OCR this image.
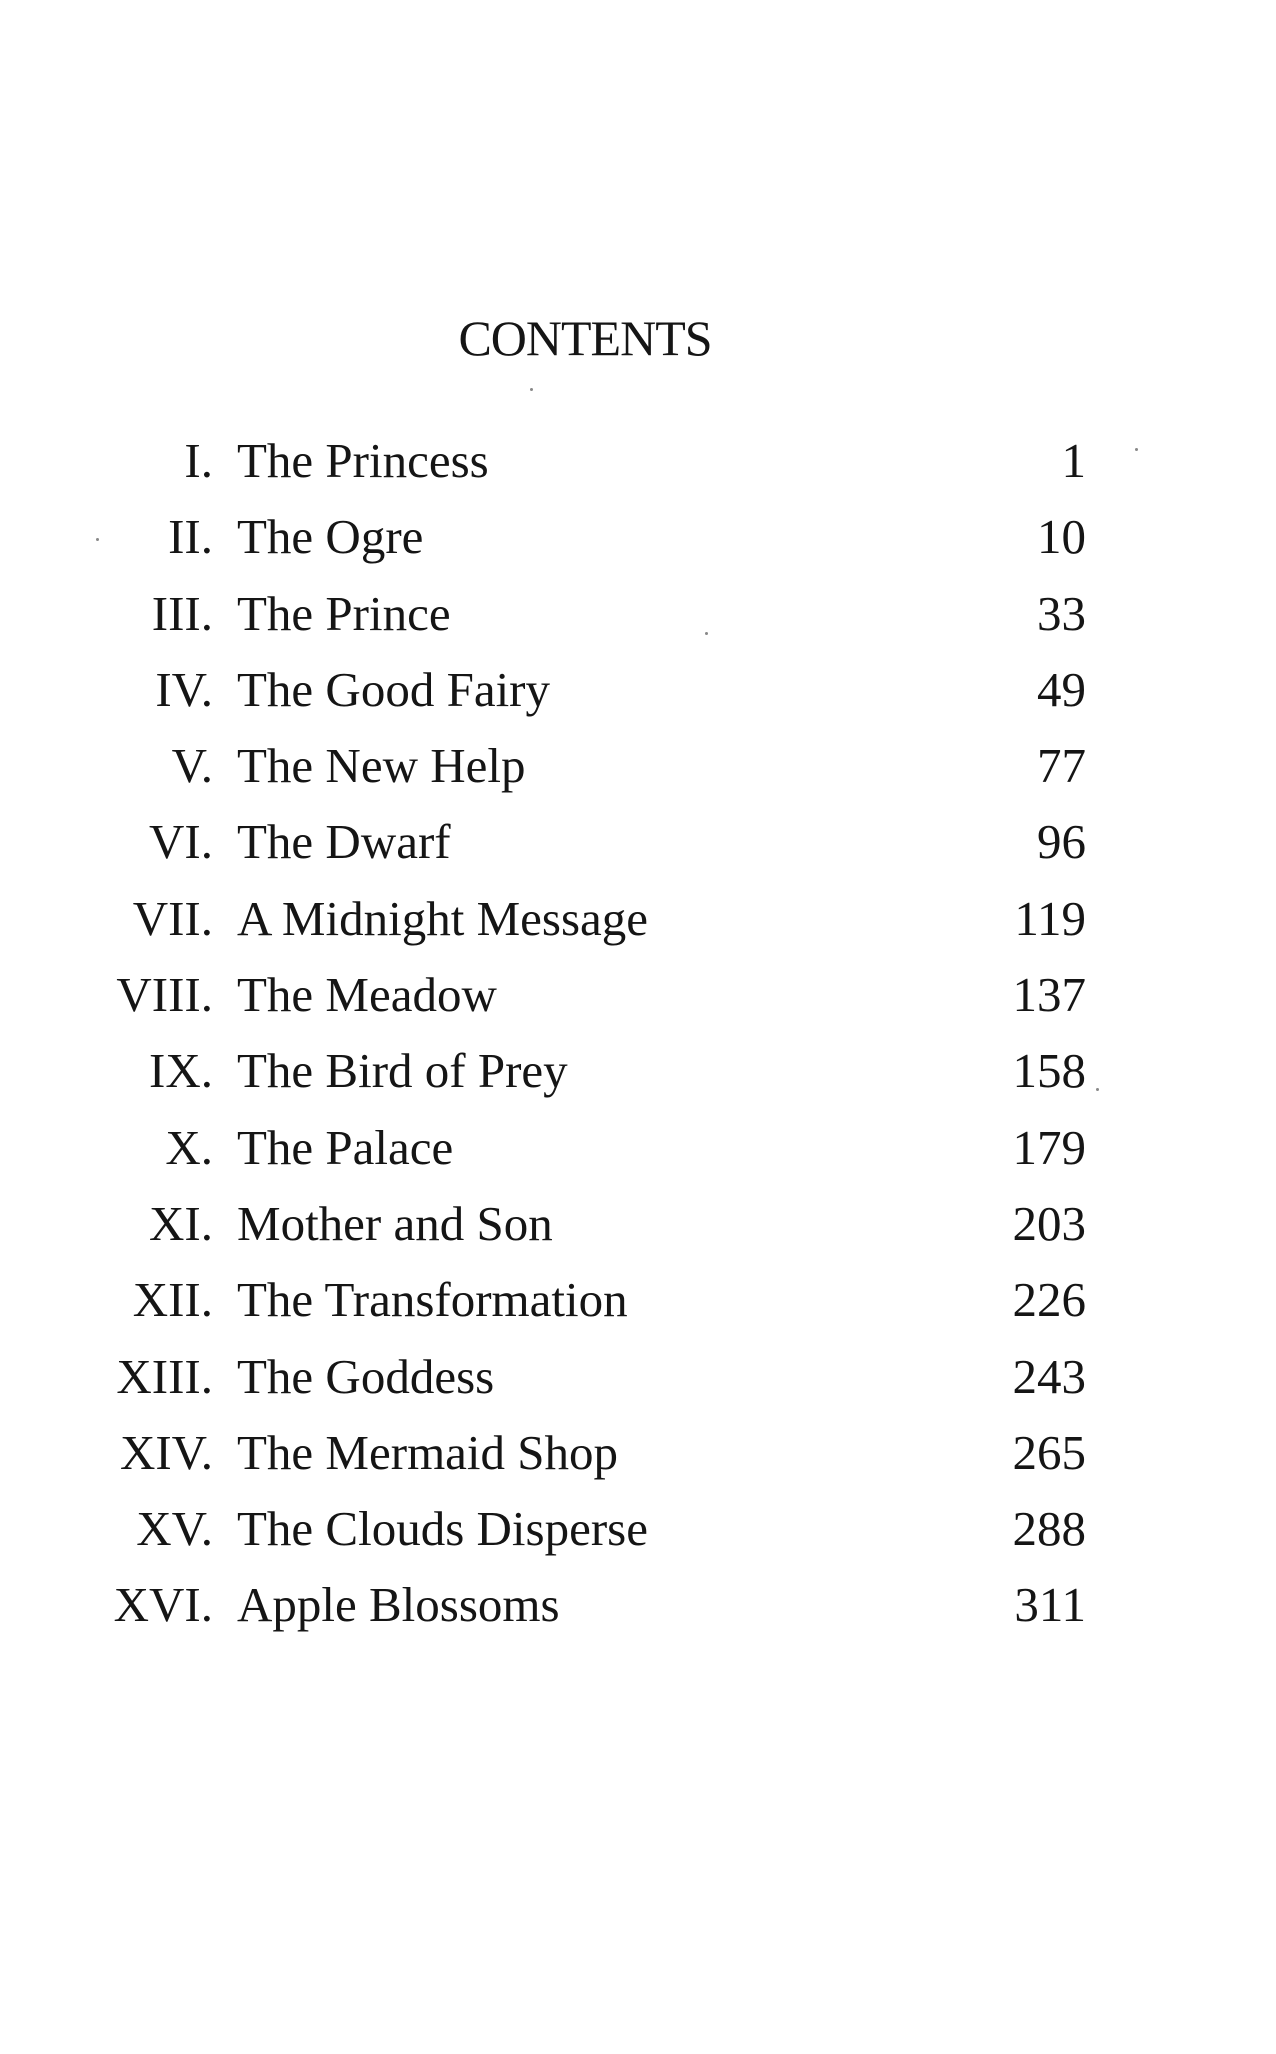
CONTENTS
I. The Princess	1
II. The Ogre	10
III. The Prince	33
IV. The Good Fairy	49
V. The New Help	77
VI. The Dwarf	96
VII. A Midnight Message	119
VIII. The Meadow	137
IX. The Bird of Prey	158
X. The Palace	179
XI. Mother and Son	203
XII. The Transformation	226
XIII. The Goddess	243
XIV. The Mermaid Shop	265
XV. The Clouds Disperse	288
XVI. Apple Blossoms	311
